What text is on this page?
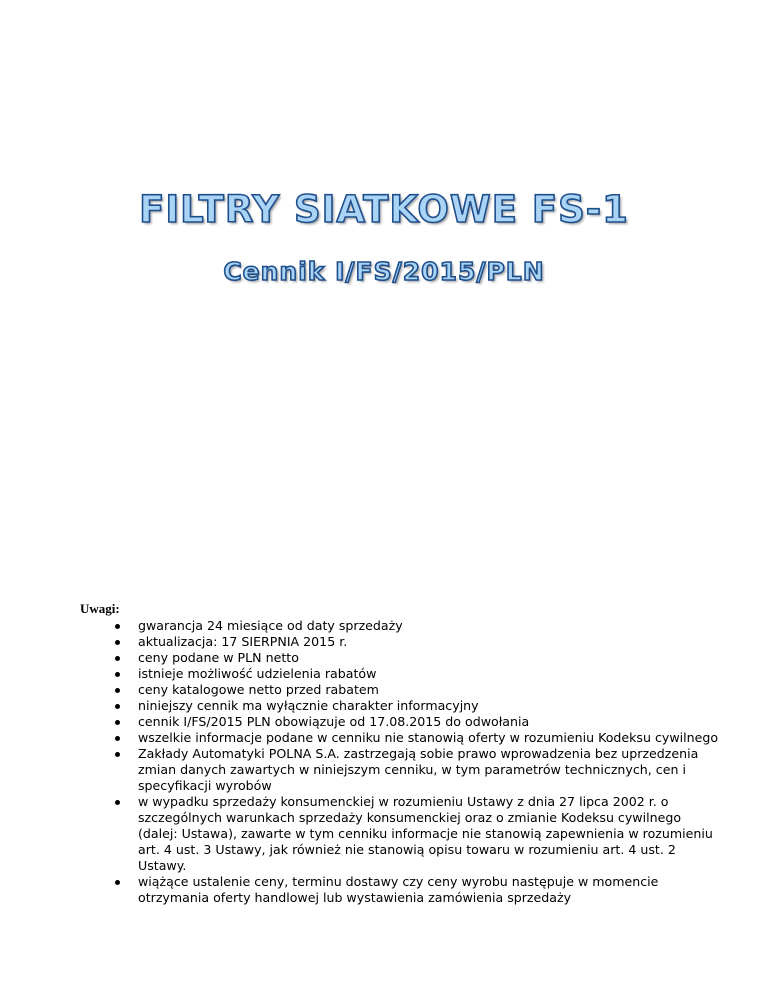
FILTRY SIATKOWE FS-1
Cennik I/FS/2015/PLN
Uwagi:
gwarancja 24 miesiące od daty sprzedaży
aktualizacja: 17 SIERPNIA 2015 r.
ceny podane w PLN netto
istnieje możliwość udzielenia rabatów
ceny katalogowe netto przed rabatem
niniejszy cennik ma wyłącznie charakter informacyjny
cennik I/FS/2015 PLN obowiązuje od 17.08.2015 do odwołania
wszelkie informacje podane w cenniku nie stanowią oferty w rozumieniu Kodeksu cywilnego
Zakłady Automatyki POLNA S.A. zastrzegają sobie prawo wprowadzenia bez uprzedzenia zmian danych zawartych w niniejszym cenniku, w tym parametrów technicznych, cen i specyfikacji wyrobów
w wypadku sprzedaży konsumenckiej w rozumieniu Ustawy z dnia 27 lipca 2002 r. o szczególnych warunkach sprzedaży konsumenckiej oraz o zmianie Kodeksu cywilnego (dalej: Ustawa), zawarte w tym cenniku informacje nie stanowią zapewnienia w rozumieniu art. 4 ust. 3 Ustawy, jak również nie stanowią opisu towaru w rozumieniu art. 4 ust. 2 Ustawy.
wiążące ustalenie ceny, terminu dostawy czy ceny wyrobu następuje w momencie otrzymania oferty handlowej lub wystawienia zamówienia sprzedaży
